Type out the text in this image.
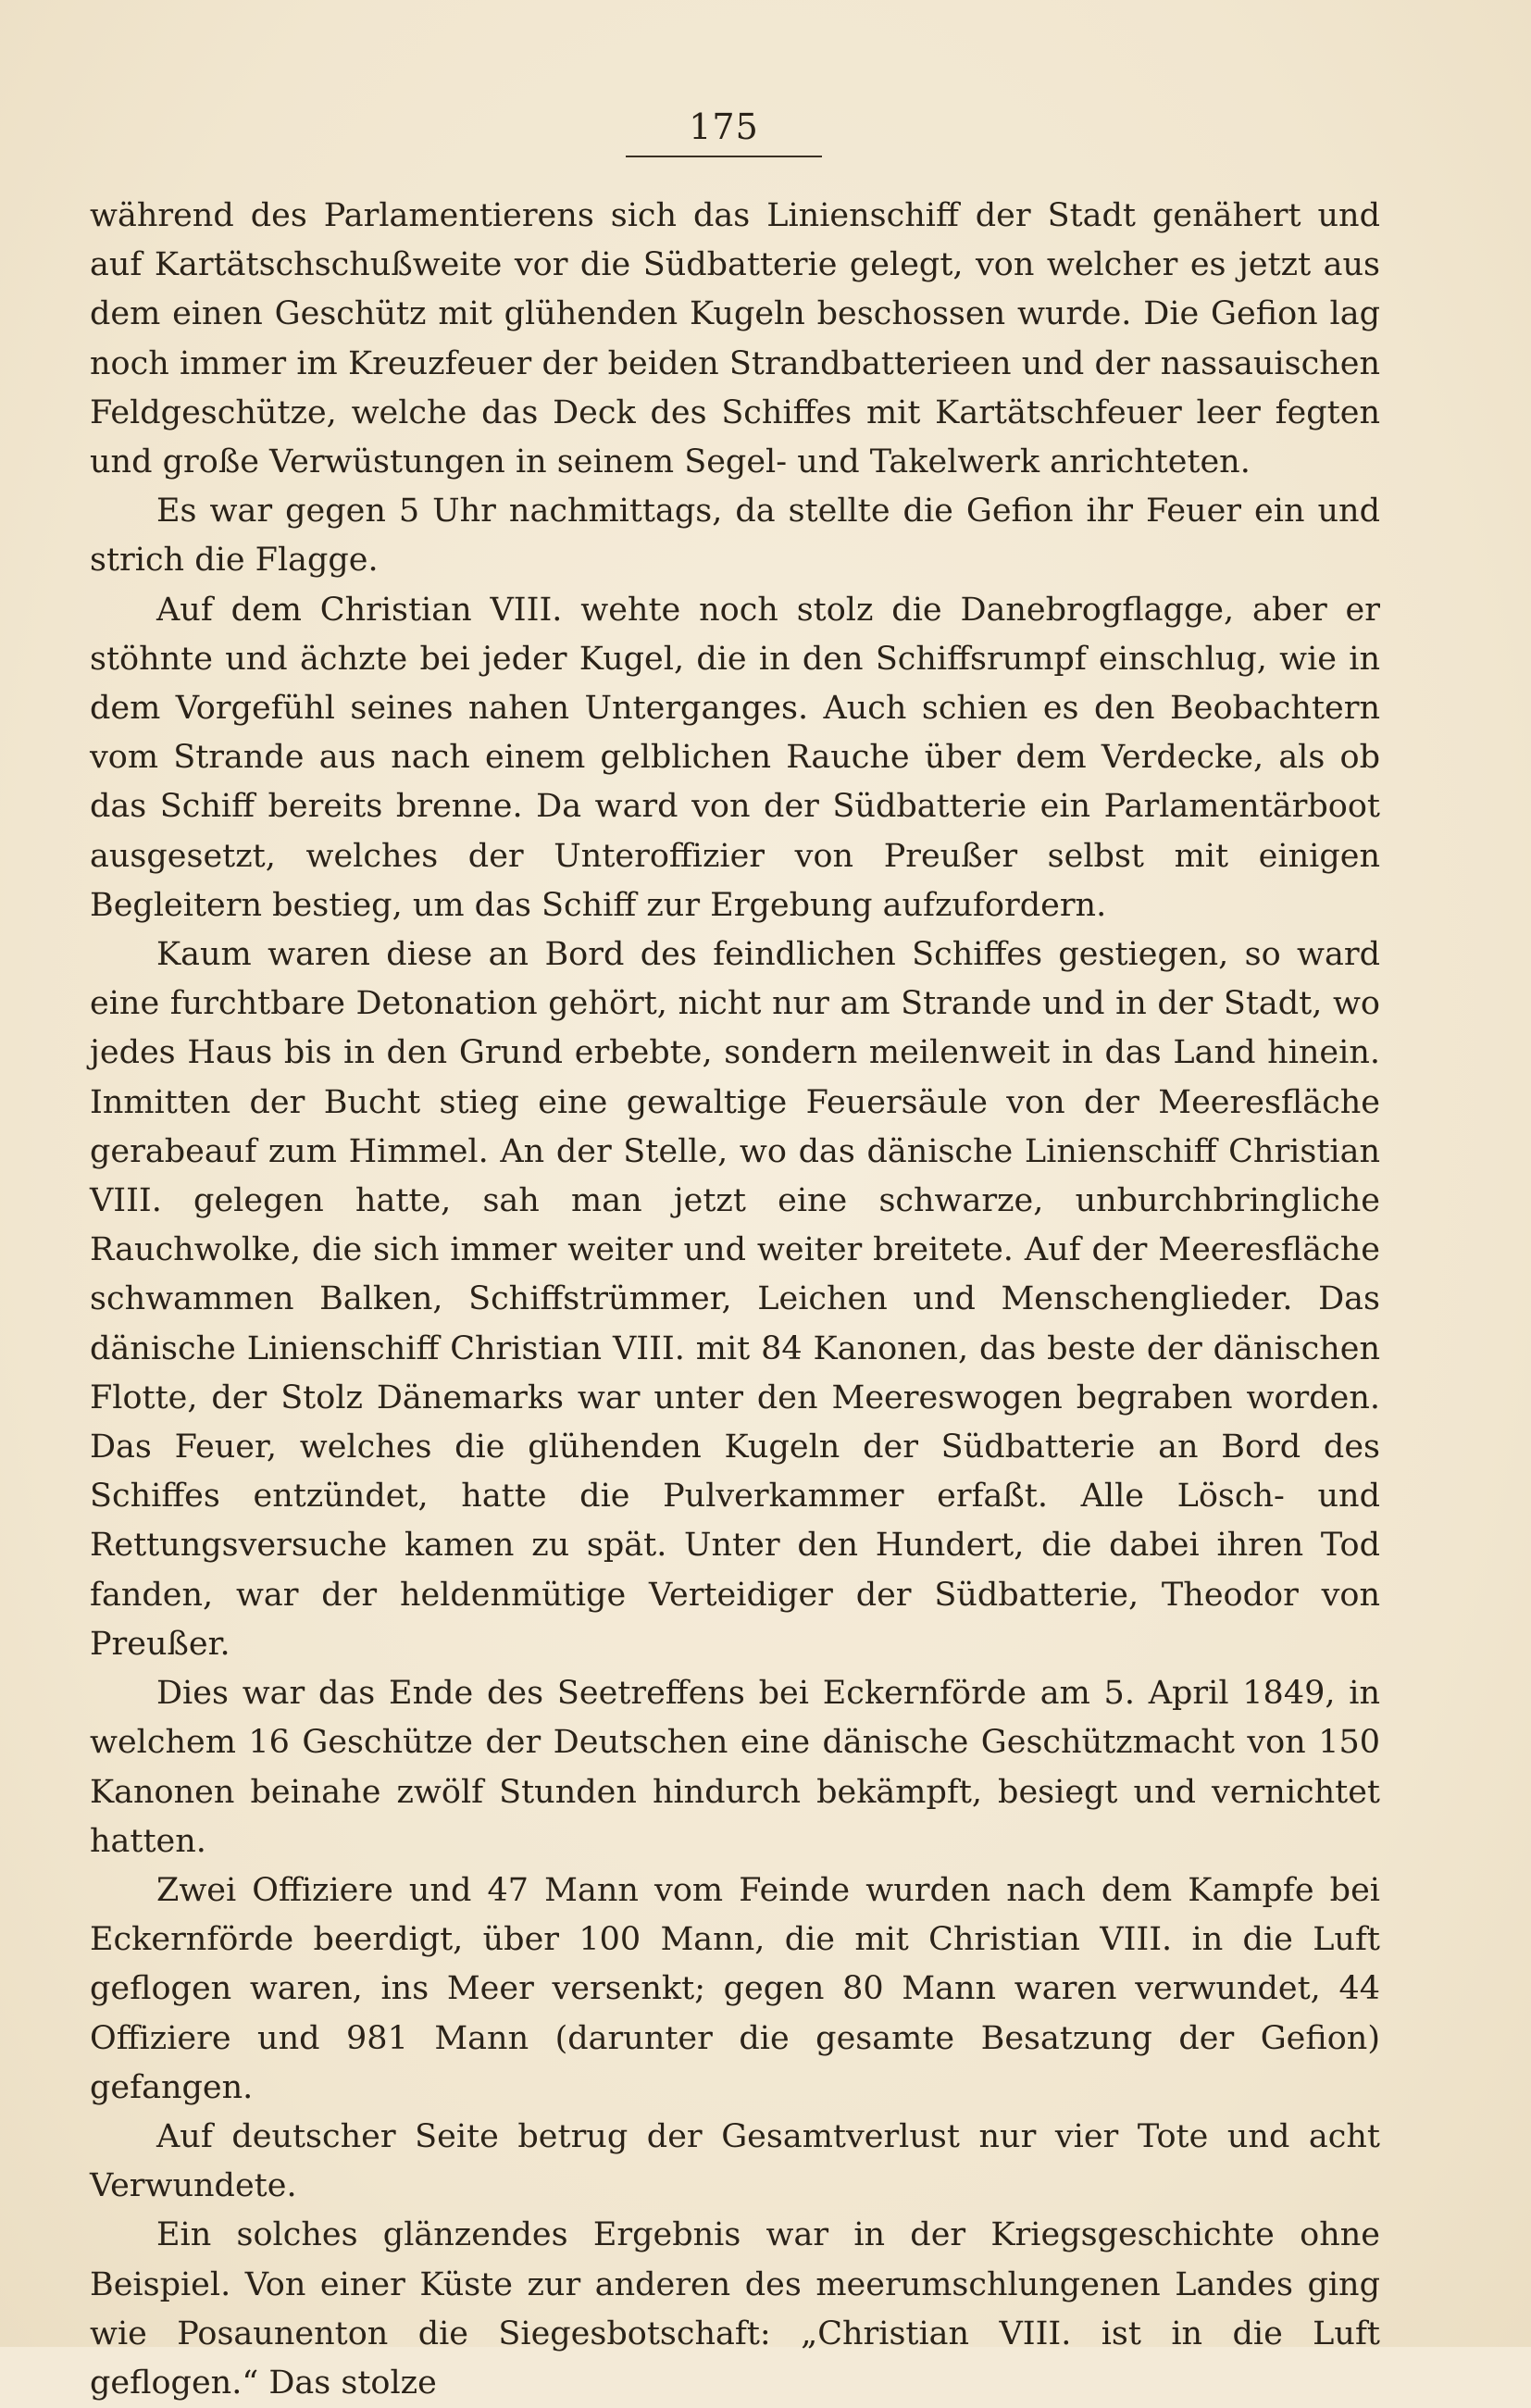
175

während des Parlamentierens sich das Linienschiff der Stadt genähert und auf Kartätschschußweite vor die Südbatterie gelegt, von welcher es jetzt aus dem einen Geschütz mit glühenden Kugeln beschossen wurde. Die Gefion lag noch immer im Kreuzfeuer der beiden Strandbatterieen und der nassauischen Feldgeschütze, welche das Deck des Schiffes mit Kartätschfeuer leer fegten und große Verwüstungen in seinem Segel- und Takelwerk anrichteten.

Es war gegen 5 Uhr nachmittags, da stellte die Gefion ihr Feuer ein und strich die Flagge.

Auf dem Christian VIII. wehte noch stolz die Danebrogflagge, aber er stöhnte und ächzte bei jeder Kugel, die in den Schiffsrumpf einschlug, wie in dem Vorgefühl seines nahen Unterganges. Auch schien es den Beobachtern vom Strande aus nach einem gelblichen Rauche über dem Verdecke, als ob das Schiff bereits brenne. Da ward von der Südbatterie ein Parlamentärboot ausgesetzt, welches der Unteroffizier von Preußer selbst mit einigen Begleitern bestieg, um das Schiff zur Ergebung aufzufordern.

Kaum waren diese an Bord des feindlichen Schiffes gestiegen, so ward eine furchtbare Detonation gehört, nicht nur am Strande und in der Stadt, wo jedes Haus bis in den Grund erbebte, sondern meilenweit in das Land hinein. Inmitten der Bucht stieg eine gewaltige Feuersäule von der Meeresfläche gerabeauf zum Himmel. An der Stelle, wo das dänische Linienschiff Christian VIII. gelegen hatte, sah man jetzt eine schwarze, unburchbringliche Rauchwolke, die sich immer weiter und weiter breitete. Auf der Meeresfläche schwammen Balken, Schiffstrümmer, Leichen und Menschenglieder. Das dänische Linienschiff Christian VIII. mit 84 Kanonen, das beste der dänischen Flotte, der Stolz Dänemarks war unter den Meereswogen begraben worden. Das Feuer, welches die glühenden Kugeln der Südbatterie an Bord des Schiffes entzündet, hatte die Pulverkammer erfaßt. Alle Lösch- und Rettungsversuche kamen zu spät. Unter den Hundert, die dabei ihren Tod fanden, war der heldenmütige Verteidiger der Südbatterie, Theodor von Preußer.

Dies war das Ende des Seetreffens bei Eckernförde am 5. April 1849, in welchem 16 Geschütze der Deutschen eine dänische Geschützmacht von 150 Kanonen beinahe zwölf Stunden hindurch bekämpft, besiegt und vernichtet hatten.

Zwei Offiziere und 47 Mann vom Feinde wurden nach dem Kampfe bei Eckernförde beerdigt, über 100 Mann, die mit Christian VIII. in die Luft geflogen waren, ins Meer versenkt; gegen 80 Mann waren verwundet, 44 Offiziere und 981 Mann (darunter die gesamte Besatzung der Gefion) gefangen.

Auf deutscher Seite betrug der Gesamtverlust nur vier Tote und acht Verwundete.

Ein solches glänzendes Ergebnis war in der Kriegsgeschichte ohne Beispiel. Von einer Küste zur anderen des meerumschlungenen Landes ging wie Posaunenton die Siegesbotschaft: „Christian VIII. ist in die Luft geflogen.“ Das stolze
